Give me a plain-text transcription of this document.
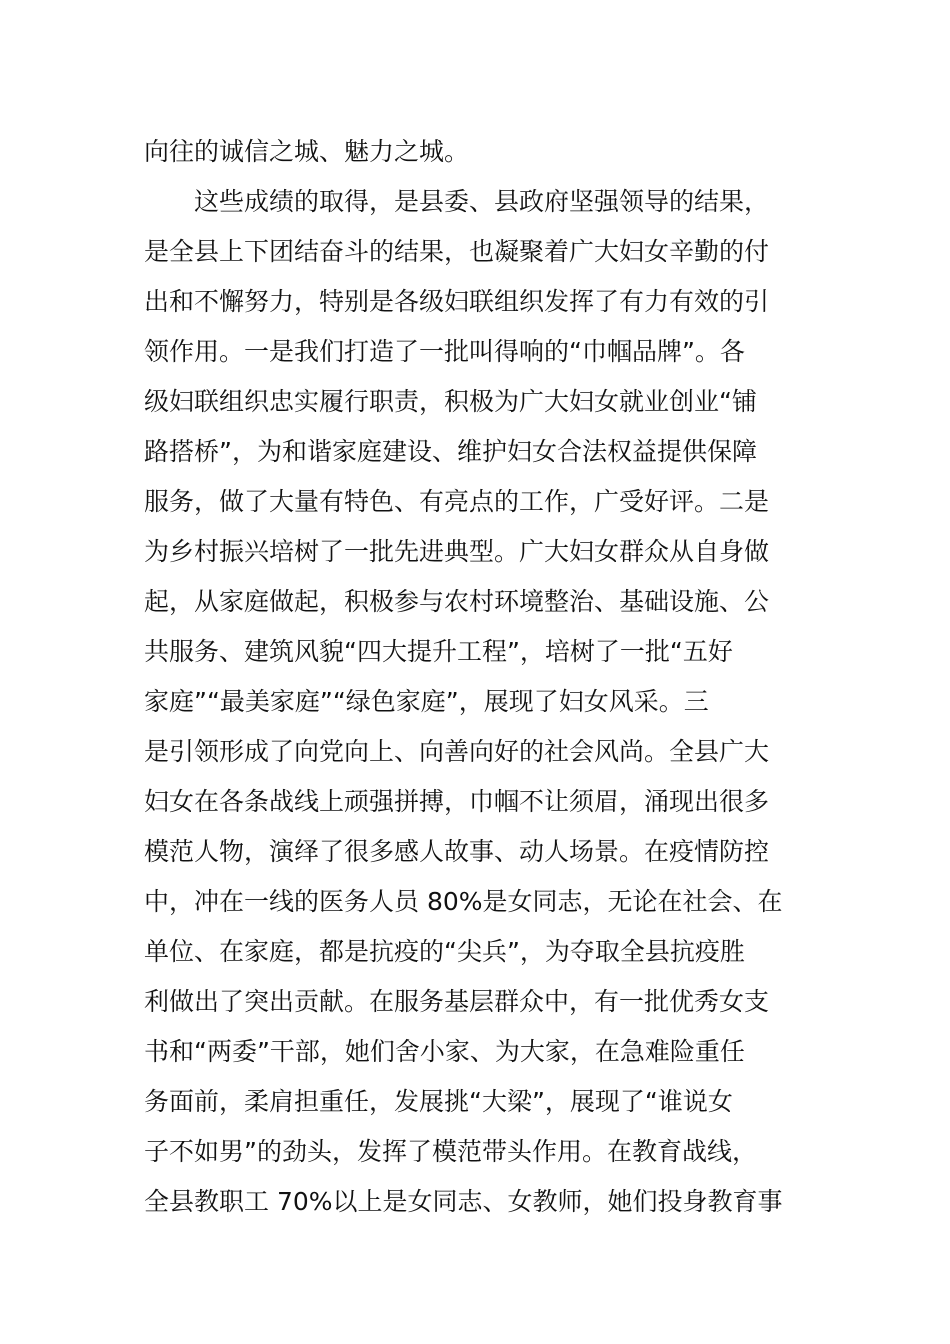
向往的诚信之城、魅力之城。
这些成绩的取得，是县委、县政府坚强领导的结果，
是全县上下团结奋斗的结果，也凝聚着广大妇女辛勤的付
出和不懈努力，特别是各级妇联组织发挥了有力有效的引
领作用。一是我们打造了一批叫得响的“巾帼品牌”。各
级妇联组织忠实履行职责，积极为广大妇女就业创业“铺
路搭桥”，为和谐家庭建设、维护妇女合法权益提供保障
服务，做了大量有特色、有亮点的工作，广受好评。二是
为乡村振兴培树了一批先进典型。广大妇女群众从自身做
起，从家庭做起，积极参与农村环境整治、基础设施、公
共服务、建筑风貌“四大提升工程”，培树了一批“五好
家庭”“最美家庭”“绿色家庭”，展现了妇女风采。三
是引领形成了向党向上、向善向好的社会风尚。全县广大
妇女在各条战线上顽强拼搏，巾帼不让须眉，涌现出很多
模范人物，演绎了很多感人故事、动人场景。在疫情防控
中，冲在一线的医务人员 80%是女同志，无论在社会、在
单位、在家庭，都是抗疫的“尖兵”，为夺取全县抗疫胜
利做出了突出贡献。在服务基层群众中，有一批优秀女支
书和“两委”干部，她们舍小家、为大家，在急难险重任
务面前，柔肩担重任，发展挑“大梁”，展现了“谁说女
子不如男”的劲头，发挥了模范带头作用。在教育战线，
全县教职工 70%以上是女同志、女教师，她们投身教育事
